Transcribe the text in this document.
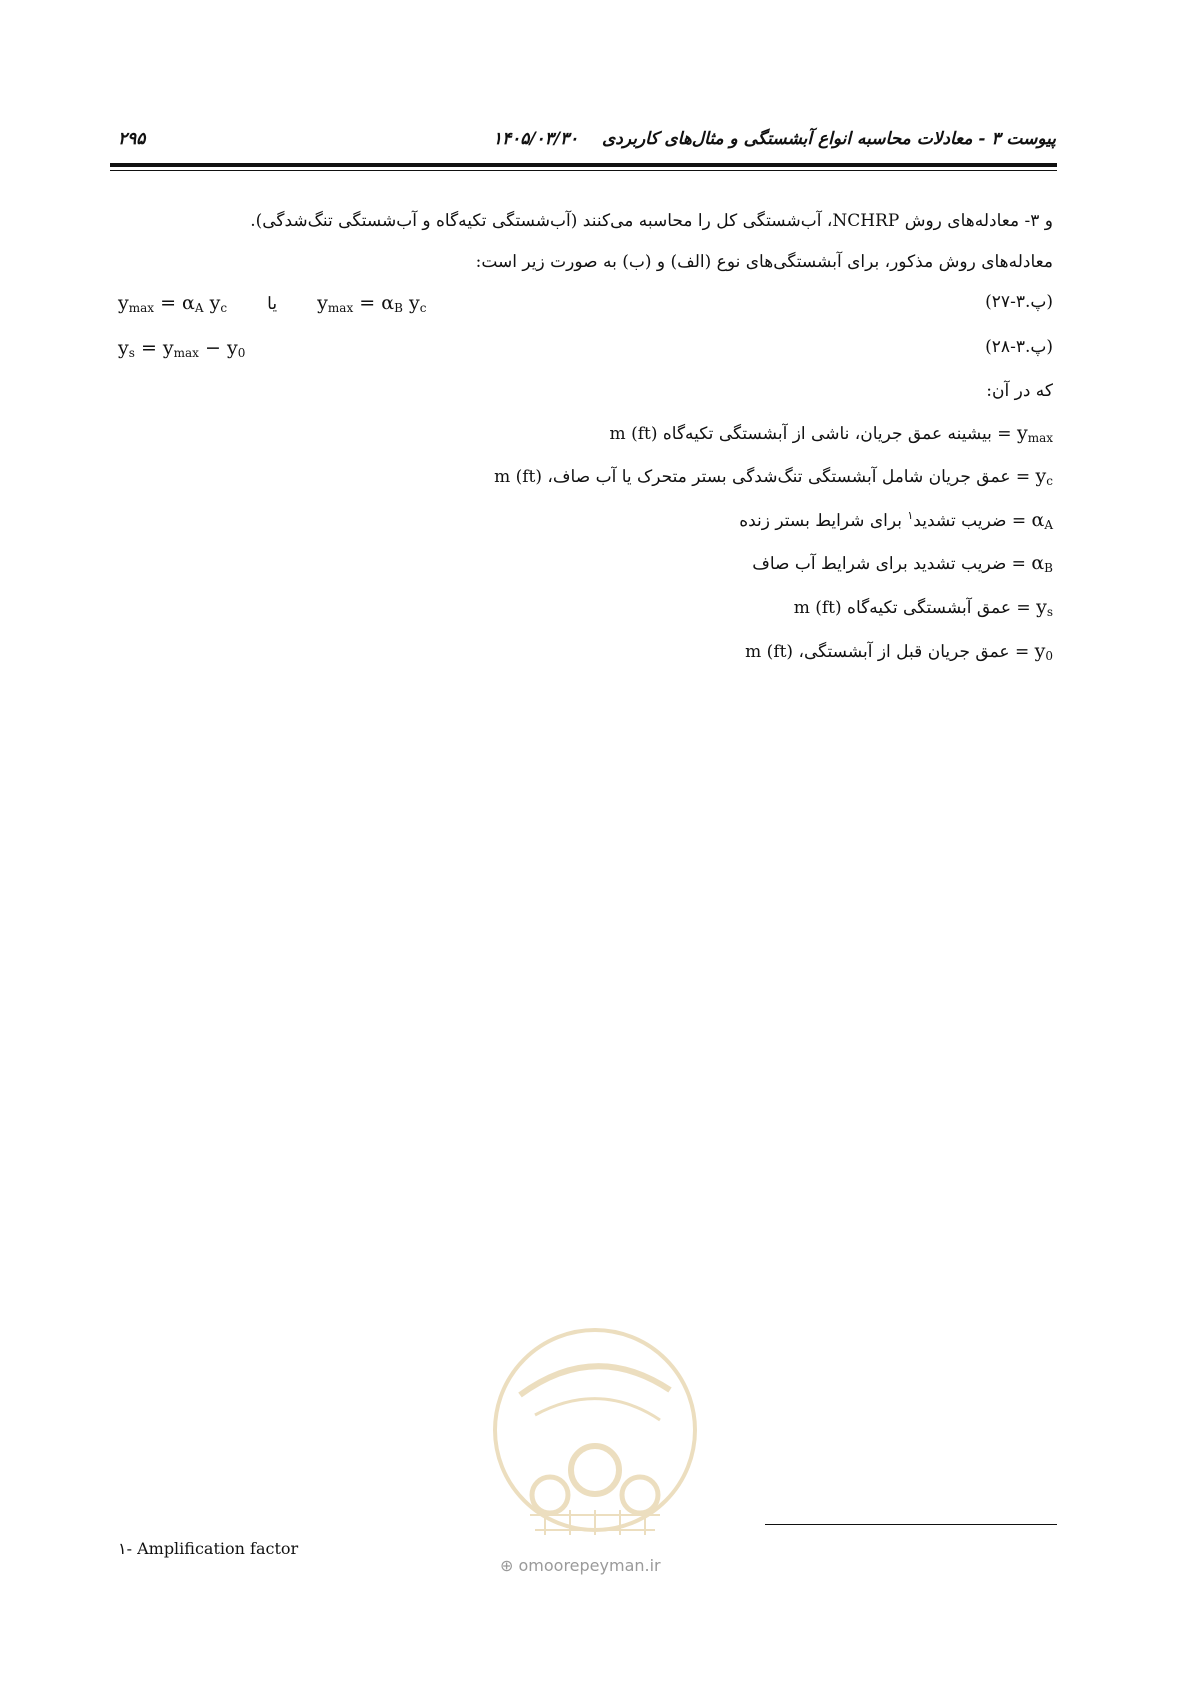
پیوست ۳ - معادلات محاسبه انواع آبشستگی و مثال‌های کاربردی    ۱۴۰۵/۰۳/۳۰
۲۹۵
و ۳- معادله‌های روش NCHRP، آب‌شستگی کل را محاسبه می‌کنند (آب‌شستگی تکیه‌گاه و آب‌شستگی تنگ‌شدگی).
معادله‌های روش مذکور، برای آبشستگی‌های نوع (الف) و (ب) به صورت زیر است:
$y_{max} = \alpha_A$ $y_c$ یا  $y_{max} = \alpha_B$ $y_c$	(پ.۳-۲۷)
$y_s = y_{max} - y_0$	(پ.۳-۲۸)
که در آن:
$y_{max}$ = بیشینه عمق جریان، ناشی از آبشستگی تکیه‌گاه m (ft)
$y_c$ = عمق جریان شامل آبشستگی تنگ‌شدگی بستر متحرک یا آب صاف، m (ft)
$\alpha_A$ = ضریب تشدید$^۱$ برای شرایط بستر زنده
$\alpha_B$ = ضریب تشدید برای شرایط آب صاف
$y_s$ = عمق آبشستگی تکیه‌گاه m (ft)
$y_0$ = عمق جریان قبل از آبشستگی، m (ft)
⊕ omoorepeyman.ir
۱- Amplification factor
